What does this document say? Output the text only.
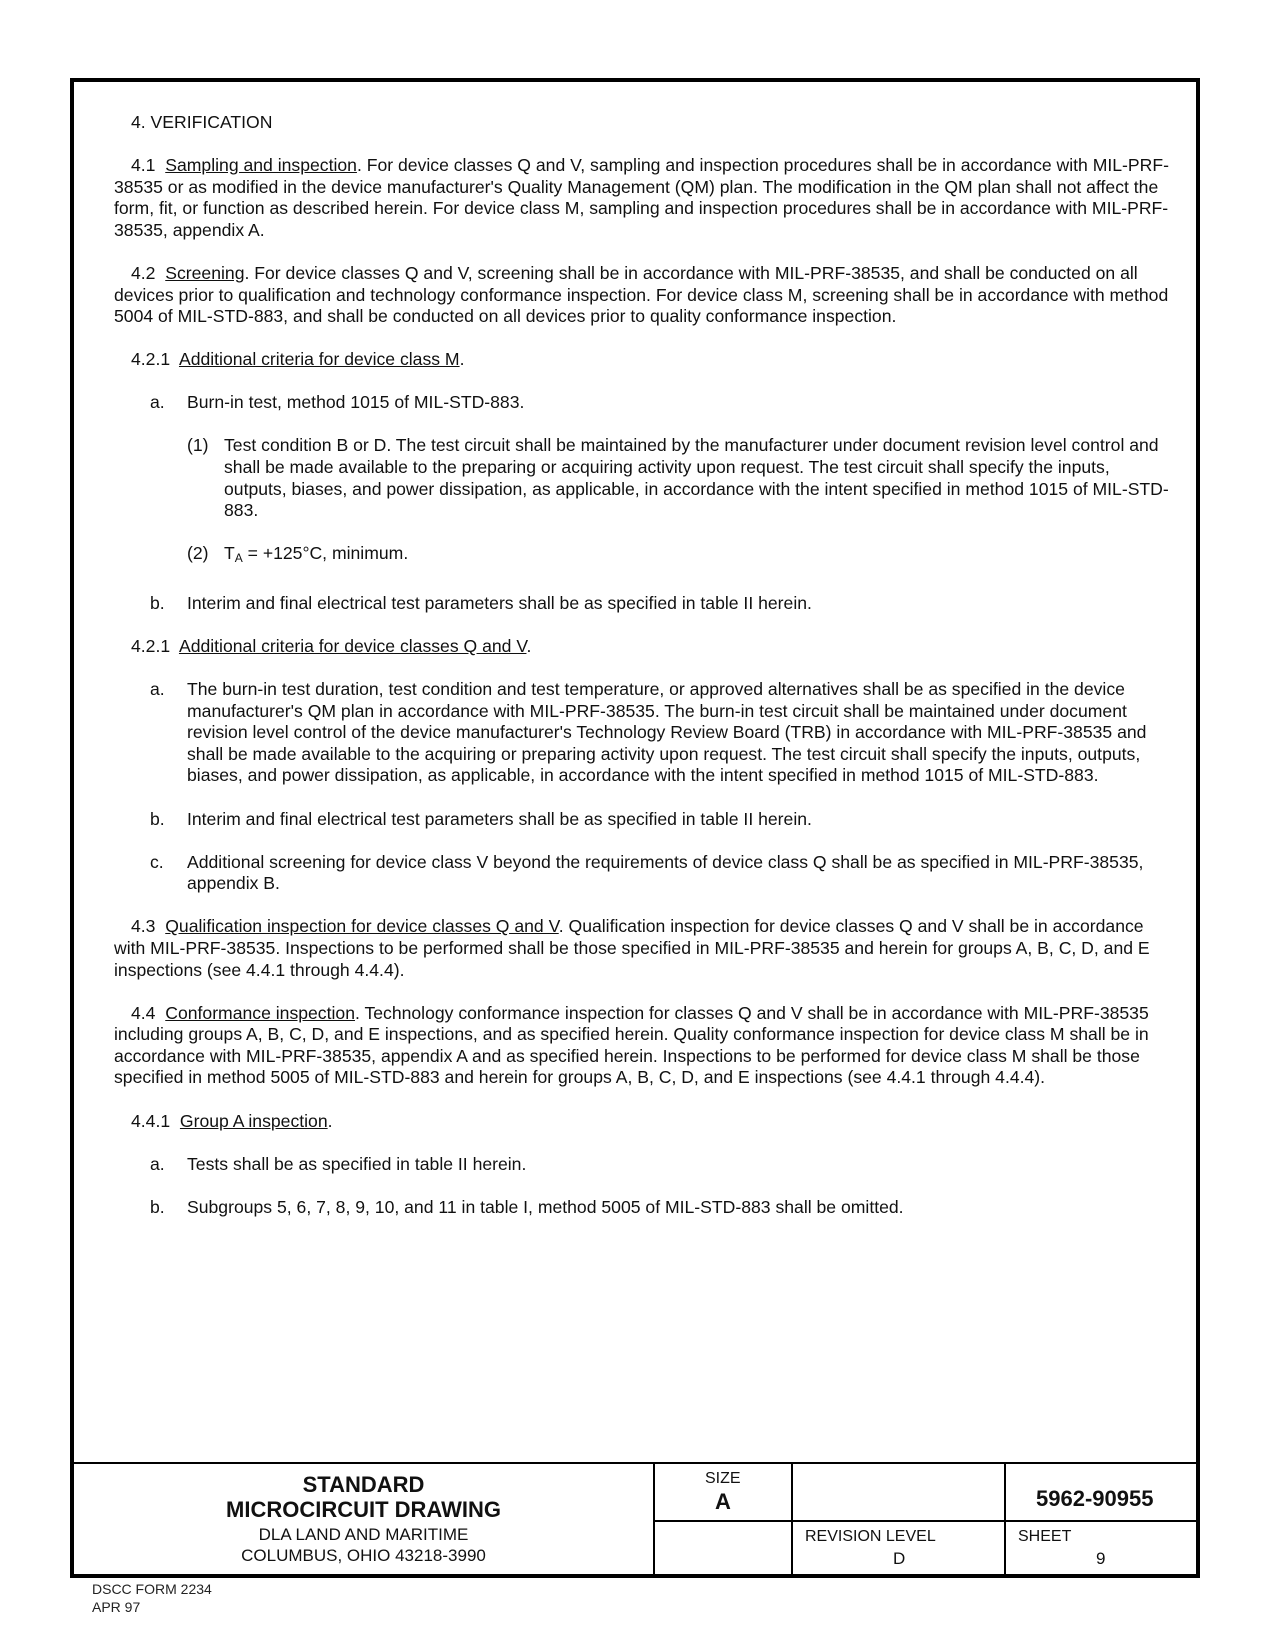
4. VERIFICATION

4.1 Sampling and inspection. For device classes Q and V, sampling and inspection procedures shall be in accordance with MIL-PRF-38535 or as modified in the device manufacturer's Quality Management (QM) plan. The modification in the QM plan shall not affect the form, fit, or function as described herein. For device class M, sampling and inspection procedures shall be in accordance with MIL-PRF-38535, appendix A.

4.2 Screening. For device classes Q and V, screening shall be in accordance with MIL-PRF-38535, and shall be conducted on all devices prior to qualification and technology conformance inspection. For device class M, screening shall be in accordance with method 5004 of MIL-STD-883, and shall be conducted on all devices prior to quality conformance inspection.

4.2.1 Additional criteria for device class M.

a. Burn-in test, method 1015 of MIL-STD-883.
(1) Test condition B or D. The test circuit shall be maintained by the manufacturer under document revision level control and shall be made available to the preparing or acquiring activity upon request. The test circuit shall specify the inputs, outputs, biases, and power dissipation, as applicable, in accordance with the intent specified in method 1015 of MIL-STD-883.
(2) TA = +125°C, minimum.
b. Interim and final electrical test parameters shall be as specified in table II herein.

4.2.1 Additional criteria for device classes Q and V.

a. The burn-in test duration, test condition and test temperature, or approved alternatives shall be as specified in the device manufacturer's QM plan in accordance with MIL-PRF-38535. The burn-in test circuit shall be maintained under document revision level control of the device manufacturer's Technology Review Board (TRB) in accordance with MIL-PRF-38535 and shall be made available to the acquiring or preparing activity upon request. The test circuit shall specify the inputs, outputs, biases, and power dissipation, as applicable, in accordance with the intent specified in method 1015 of MIL-STD-883.
b. Interim and final electrical test parameters shall be as specified in table II herein.
c. Additional screening for device class V beyond the requirements of device class Q shall be as specified in MIL-PRF-38535, appendix B.

4.3 Qualification inspection for device classes Q and V. Qualification inspection for device classes Q and V shall be in accordance with MIL-PRF-38535. Inspections to be performed shall be those specified in MIL-PRF-38535 and herein for groups A, B, C, D, and E inspections (see 4.4.1 through 4.4.4).

4.4 Conformance inspection. Technology conformance inspection for classes Q and V shall be in accordance with MIL-PRF-38535 including groups A, B, C, D, and E inspections, and as specified herein. Quality conformance inspection for device class M shall be in accordance with MIL-PRF-38535, appendix A and as specified herein. Inspections to be performed for device class M shall be those specified in method 5005 of MIL-STD-883 and herein for groups A, B, C, D, and E inspections (see 4.4.1 through 4.4.4).

4.4.1 Group A inspection.

a. Tests shall be as specified in table II herein.
b. Subgroups 5, 6, 7, 8, 9, 10, and 11 in table I, method 5005 of MIL-STD-883 shall be omitted.
STANDARD
MICROCIRCUIT DRAWING
DLA LAND AND MARITIME
COLUMBUS, OHIO 43218-3990
SIZE
A
REVISION LEVEL
D
5962-90955
SHEET
9
DSCC FORM 2234
APR 97
